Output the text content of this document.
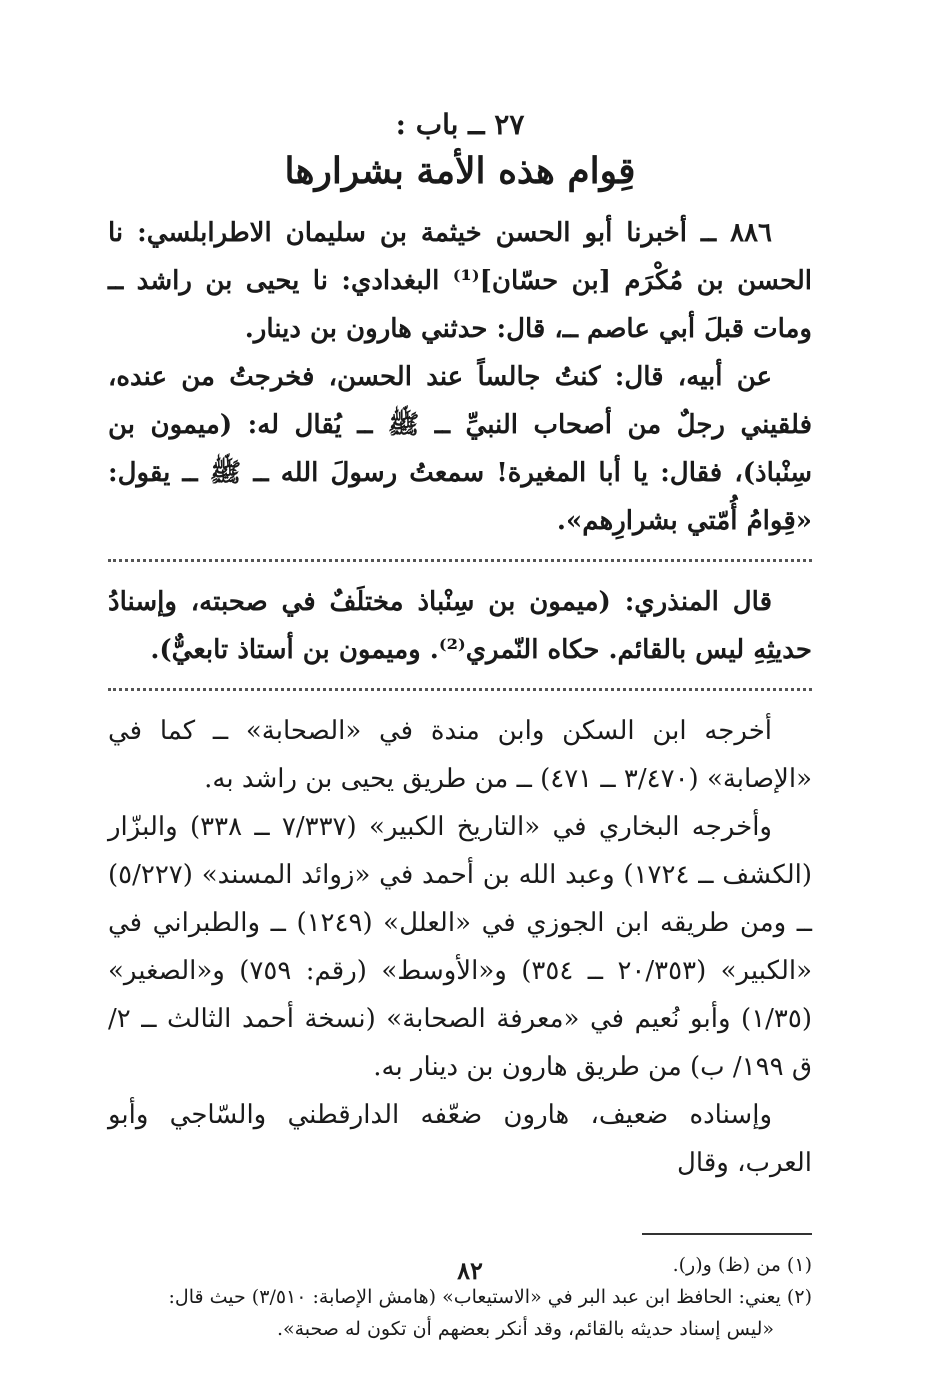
٢٧ ــ باب :

قِوام هذه الأمة بشرارها

٨٨٦ ــ أخبرنا أبو الحسن خيثمة بن سليمان الاطرابلسي: نا الحسن بن مُكْرَم [بن حسّان]⁽¹⁾ البغدادي: نا يحيى بن راشد ــ ومات قبلَ أبي عاصم ــ، قال: حدثني هارون بن دينار.

عن أبيه، قال: كنتُ جالساً عند الحسن، فخرجتُ من عنده، فلقيني رجلٌ من أصحاب النبيِّ ــ ﷺ ــ يُقال له: (ميمون بن سِنْباذ)، فقال: يا أبا المغيرة! سمعتُ رسولَ الله ــ ﷺ ــ يقول: «قِوامُ أُمّتي بشرارِهم».

قال المنذري: (ميمون بن سِنْباذ مختلَفٌ في صحبته، وإسنادُ حديثِهِ ليس بالقائم. حكاه النّمري⁽²⁾. وميمون بن أستاذ تابعيٌّ).

أخرجه ابن السكن وابن مندة في «الصحابة» ــ كما في «الإصابة» (٣/٤٧٠ ــ ٤٧١) ــ من طريق يحيى بن راشد به.

وأخرجه البخاري في «التاريخ الكبير» (٧/٣٣٧ ــ ٣٣٨) والبزّار (الكشف ــ ١٧٢٤) وعبد الله بن أحمد في «زوائد المسند» (٥/٢٢٧) ــ ومن طريقه ابن الجوزي في «العلل» (١٢٤٩) ــ والطبراني في «الكبير» (٢٠/٣٥٣ ــ ٣٥٤) و«الأوسط» (رقم: ٧٥٩) و«الصغير» (١/٣٥) وأبو نُعيم في «معرفة الصحابة» (نسخة أحمد الثالث ــ ٢/ ق ١٩٩/ ب) من طريق هارون بن دينار به.

وإسناده ضعيف، هارون ضعّفه الدارقطني والسّاجي وأبو العرب، وقال

(١) من (ظ) و(ر).

(٢) يعني: الحافظ ابن عبد البر في «الاستيعاب» (هامش الإصابة: ٣/٥١٠) حيث قال:

«ليس إسناد حديثه بالقائم، وقد أنكر بعضهم أن تكون له صحبة».

٨٢
